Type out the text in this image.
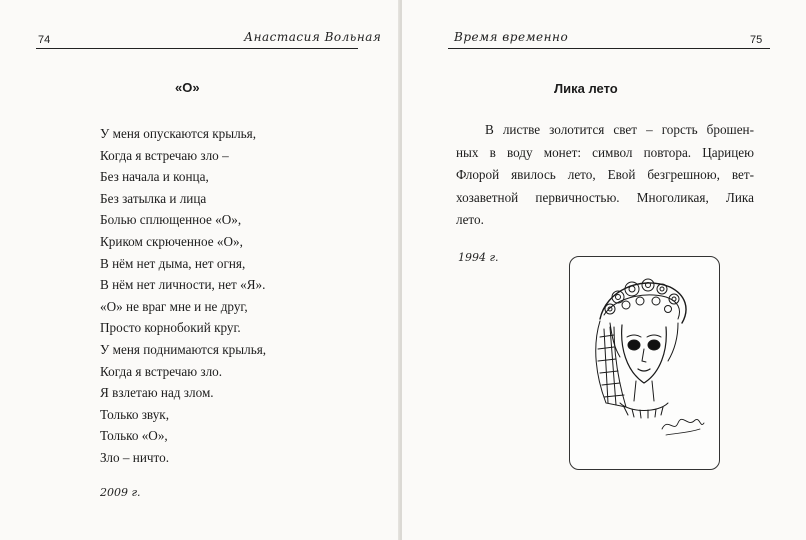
74	Анастасия Вольная
«О»
У меня опускаются крылья,
Когда я встречаю зло –
Без начала и конца,
Без затылка и лица
Болью сплющенное «О»,
Криком скрюченное «О»,
В нём нет дыма, нет огня,
В нём нет личности, нет «Я».
«О» не враг мне и не друг,
Просто корнобокий круг.
У меня поднимаются крылья,
Когда я встречаю зло.
Я взлетаю над злом.
Только звук,
Только «О»,
Зло – ничто.
2009 г.
Время временно	75
Лика лето

В листве золотится свет – горсть брошен-
ных в воду монет: символ повтора. Царицею
Флорой явилось лето, Евой безгрешною, вет-
хозаветной первичностью. Многоликая, Лика
лето.

1994 г.
